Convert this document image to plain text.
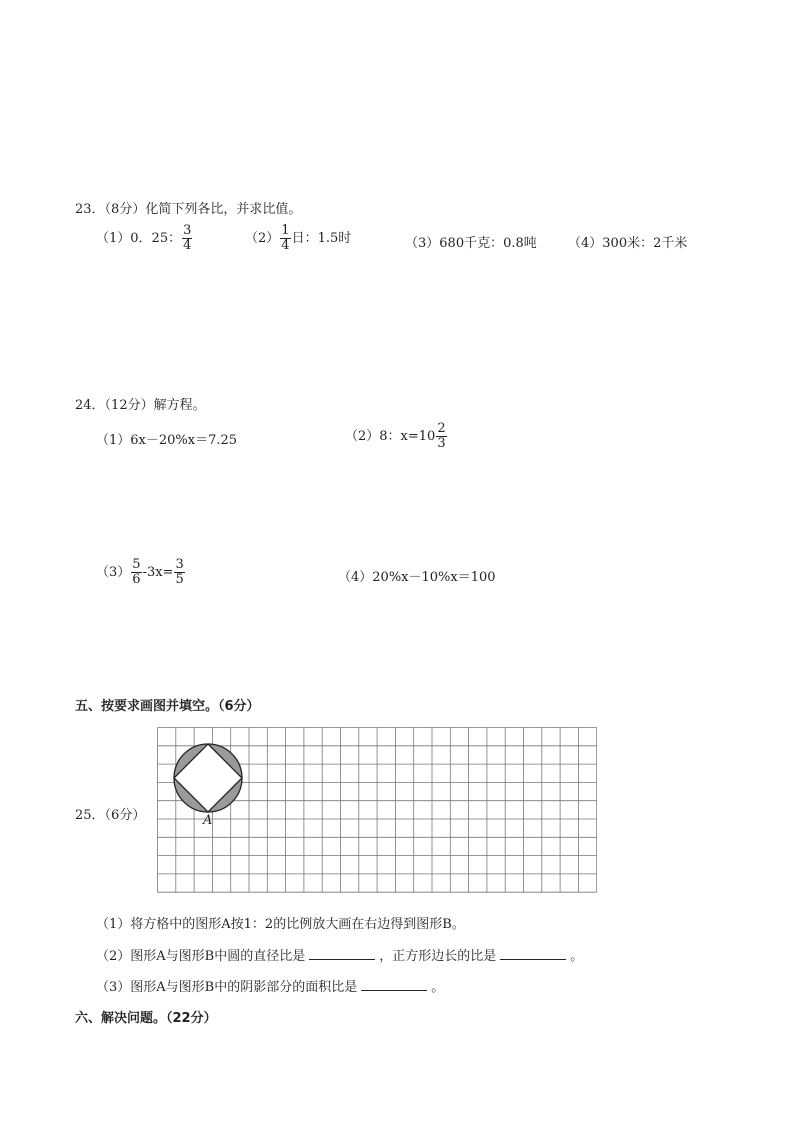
23．（8分）化简下列各比，并求比值。
（1）0．25： $\frac{3}{4}$	$(2) \frac{1}{4}$ 日：1.5时	（3）680千克：0.8吨 （4）300米：2千米
24．（12分）解方程。
（1）6x－20%x＝7.25	（2）8：$x=10 \frac{2}{3}$
$(3) \frac{5}{6} -3x= \frac{3}{5}$	（4）20%x－10%x＝100
五、按要求画图并填空。（6分）
25．（6分）	A
（1）将方格中的图形A按1：2的比例放大画在右边得到图形B。
（2）图形A与图形B中圆的直径比是	，正方形边长的比是	。
（3）图形A与图形B中的阴影部分的面积比是	。
六、解决问题。（22分）
